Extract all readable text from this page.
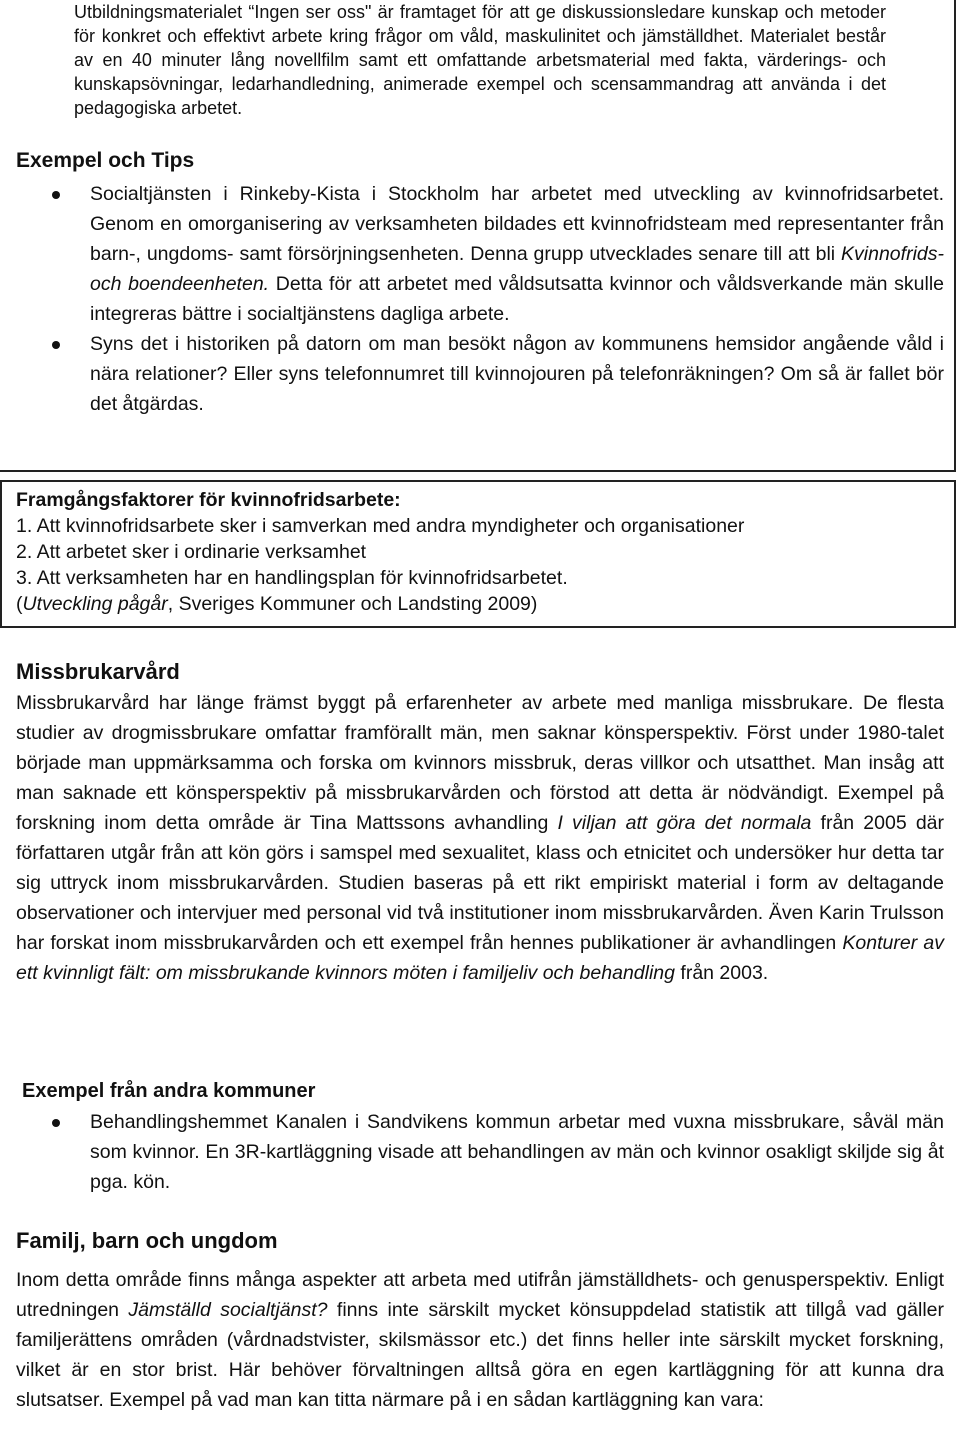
Utbildningsmaterialet “Ingen ser oss" är framtaget för att ge diskussionsledare kunskap och metoder för konkret och effektivt arbete kring frågor om våld, maskulinitet och jämställdhet. Materialet består av en 40 minuter lång novellfilm samt ett omfattande arbetsmaterial med fakta, värderings- och kunskapsövningar, ledarhandledning, animerade exempel och scensammandrag att använda i det pedagogiska arbetet.
Exempel och Tips
Socialtjänsten i Rinkeby-Kista i Stockholm har arbetet med utveckling av kvinnofridsarbetet. Genom en omorganisering av verksamheten bildades ett kvinnofridsteam med representanter från barn-, ungdoms- samt försörjningsenheten. Denna grupp utvecklades senare till att bli Kvinnofrids- och boendeenheten. Detta för att arbetet med våldsutsatta kvinnor och våldsverkande män skulle integreras bättre i socialtjänstens dagliga arbete.
Syns det i historiken på datorn om man besökt någon av kommunens hemsidor angående våld i nära relationer? Eller syns telefonnumret till kvinnojouren på telefonräkningen? Om så är fallet bör det åtgärdas.
Framgångsfaktorer för kvinnofridsarbete:
1. Att kvinnofridsarbete sker i samverkan med andra myndigheter och organisationer
2. Att arbetet sker i ordinarie verksamhet
3. Att verksamheten har en handlingsplan för kvinnofridsarbetet.
(Utveckling pågår, Sveriges Kommuner och Landsting 2009)
Missbrukarvård
Missbrukarvård har länge främst byggt på erfarenheter av arbete med manliga missbrukare. De flesta studier av drogmissbrukare omfattar framförallt män, men saknar könsperspektiv. Först under 1980-talet började man uppmärksamma och forska om kvinnors missbruk, deras villkor och utsatthet. Man insåg att man saknade ett könsperspektiv på missbrukarvården och förstod att detta är nödvändigt. Exempel på forskning inom detta område är Tina Mattssons avhandling I viljan att göra det normala från 2005 där författaren utgår från att kön görs i samspel med sexualitet, klass och etnicitet och undersöker hur detta tar sig uttryck inom missbrukarvården. Studien baseras på ett rikt empiriskt material i form av deltagande observationer och intervjuer med personal vid två institutioner inom missbrukarvården. Även Karin Trulsson har forskat inom missbrukarvården och ett exempel från hennes publikationer är avhandlingen Konturer av ett kvinnligt fält: om missbrukande kvinnors möten i familjeliv och behandling från 2003.
Exempel från andra kommuner
Behandlingshemmet Kanalen i Sandvikens kommun arbetar med vuxna missbrukare, såväl män som kvinnor. En 3R-kartläggning visade att behandlingen av män och kvinnor osakligt skiljde sig åt pga. kön.
Familj, barn och ungdom
Inom detta område finns många aspekter att arbeta med utifrån jämställdhets- och genusperspektiv. Enligt utredningen Jämställd socialtjänst? finns inte särskilt mycket könsuppdelad statistik att tillgå vad gäller familjerättens områden (vårdnadstvister, skilsmässor etc.) det finns heller inte särskilt mycket forskning, vilket är en stor brist. Här behöver förvaltningen alltså göra en egen kartläggning för att kunna dra slutsatser. Exempel på vad man kan titta närmare på i en sådan kartläggning kan vara:
